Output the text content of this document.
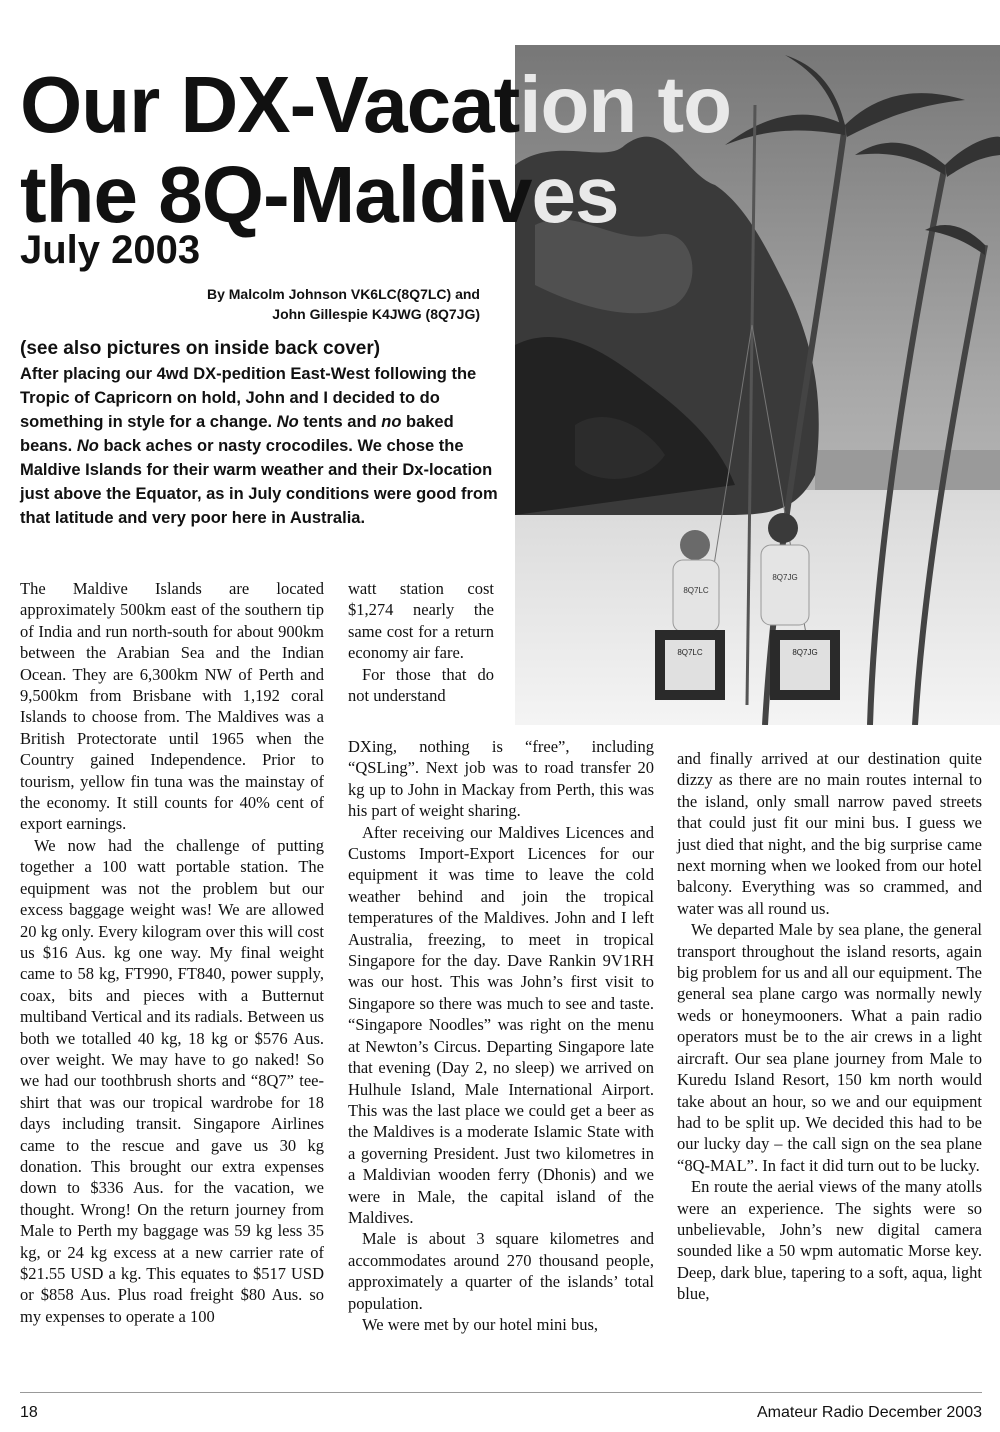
Our DX-Vacation to
the 8Q-Maldives
July 2003
By Malcolm Johnson VK6LC(8Q7LC) and
John Gillespie K4JWG (8Q7JG)
(see also pictures on inside back cover)

After placing our 4wd DX-pedition East-West following the Tropic of Capricorn on hold, John and I decided to do something in style for a change. No tents and no baked beans. No back aches or nasty crocodiles. We chose the Maldive Islands for their warm weather and their Dx-location just above the Equator, as in July conditions were good from that latitude and very poor here in Australia.

8Q7LC
8Q7JG
8Q7LC	8Q7JG

The Maldive Islands are located approximately 500km east of the southern tip of India and run north-south for about 900km between the Arabian Sea and the Indian Ocean. They are 6,300km NW of Perth and 9,500km from Brisbane with 1,192 coral Islands to choose from. The Maldives was a British Protectorate until 1965 when the Country gained Independence. Prior to tourism, yellow fin tuna was the mainstay of the economy. It still counts for 40% cent of export earnings.

We now had the challenge of putting together a 100 watt portable station. The equipment was not the problem but our excess baggage weight was! We are allowed 20 kg only. Every kilogram over this will cost us $16 Aus. kg one way. My final weight came to 58 kg, FT990, FT840, power supply, coax, bits and pieces with a Butternut multiband Vertical and its radials. Between us both we totalled 40 kg, 18 kg or $576 Aus. over weight. We may have to go naked! So we had our toothbrush shorts and “8Q7” tee-shirt that was our tropical wardrobe for 18 days including transit. Singapore Airlines came to the rescue and gave us 30 kg donation. This brought our extra expenses down to $336 Aus. for the vacation, we thought. Wrong! On the return journey from Male to Perth my baggage was 59 kg less 35 kg, or 24 kg excess at a new carrier rate of $21.55 USD a kg. This equates to $517 USD or $858 Aus. Plus road freight $80 Aus. so my expenses to operate a 100

watt station cost $1,274 nearly the same cost for a return economy air fare.

For those that do not understand

DXing, nothing is “free”, including “QSLing”. Next job was to road transfer 20 kg up to John in Mackay from Perth, this was his part of weight sharing.

After receiving our Maldives Licences and Customs Import-Export Licences for our equipment it was time to leave the cold weather behind and join the tropical temperatures of the Maldives. John and I left Australia, freezing, to meet in tropical Singapore for the day. Dave Rankin 9V1RH was our host. This was John’s first visit to Singapore so there was much to see and taste. “Singapore Noodles” was right on the menu at Newton’s Circus. Departing Singapore late that evening (Day 2, no sleep) we arrived on Hulhule Island, Male International Airport. This was the last place we could get a beer as the Maldives is a moderate Islamic State with a governing President. Just two kilometres in a Maldivian wooden ferry (Dhonis) and we were in Male, the capital island of the Maldives.

Male is about 3 square kilometres and accommodates around 270 thousand people, approximately a quarter of the islands’ total population.

We were met by our hotel mini bus,

and finally arrived at our destination quite dizzy as there are no main routes internal to the island, only small narrow paved streets that could just fit our mini bus. I guess we just died that night, and the big surprise came next morning when we looked from our hotel balcony. Everything was so crammed, and water was all round us.

We departed Male by sea plane, the general transport throughout the island resorts, again big problem for us and all our equipment. The general sea plane cargo was normally newly weds or honeymooners. What a pain radio operators must be to the air crews in a light aircraft. Our sea plane journey from Male to Kuredu Island Resort, 150 km north would take about an hour, so we and our equipment had to be split up. We decided this had to be our lucky day – the call sign on the sea plane “8Q-MAL”. In fact it did turn out to be lucky.

En route the aerial views of the many atolls were an experience. The sights were so unbelievable, John’s new digital camera sounded like a 50 wpm automatic Morse key. Deep, dark blue, tapering to a soft, aqua, light blue,

18	Amateur Radio December 2003
